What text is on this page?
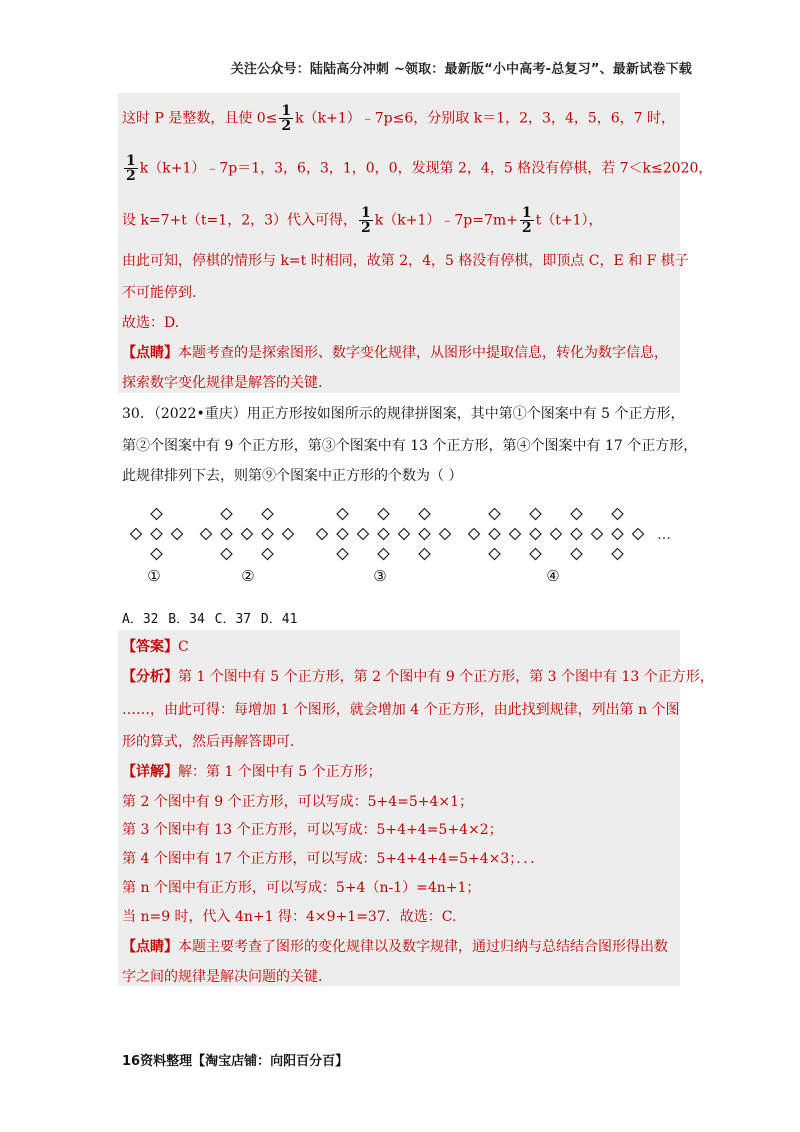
关注公众号：陆陆高分冲刺 ~领取：最新版“小中高考-总复习”、最新试卷下载
这时 P 是整数，且使 $0\le \frac{1}{2}$ k（k+1）﹣7p≤6，分别取 k＝1，2，3，4，5，6，7 时，
$\frac{1}{2}$ k（k+1）﹣7p＝1，3，6，3，1，0，0，发现第 2，4，5 格没有停棋，若 7＜k≤2020，
设 k=7+t（t=1，2，3）代入可得， $\frac{1}{2}$ k（k+1）﹣7p=7m+ $\frac{1}{2} t(t+1)$，
由此可知，停棋的情形与 k=t 时相同，故第 2，4，5 格没有停棋，即顶点 C，E 和 F 棋子
不可能停到.
故选：D.
【点睛】本题考查的是探索图形、数字变化规律，从图形中提取信息，转化为数字信息，
探索数字变化规律是解答的关键.
30．（2022•重庆）用正方形按如图所示的规律拼图案，其中第①个图案中有 5 个正方形，
第②个图案中有 9 个正方形，第③个图案中有 13 个正方形，第④个图案中有 17 个正方形，
此规律排列下去，则第⑨个图案中正方形的个数为（ ）
①	②	③	④
…
A．32 B．34 C．37 D．41
【答案】C
【分析】第 1 个图中有 5 个正方形，第 2 个图中有 9 个正方形，第 3 个图中有 13 个正方形，
……，由此可得：每增加 1 个图形，就会增加 4 个正方形，由此找到规律，列出第 n 个图
形的算式，然后再解答即可.
【详解】解：第 1 个图中有 5 个正方形；
第 2 个图中有 9 个正方形，可以写成：5+4=5+4×1；
第 3 个图中有 13 个正方形，可以写成：5+4+4=5+4×2；
第 4 个图中有 17 个正方形，可以写成：5+4+4+4=5+4×3；．．．
第 n 个图中有正方形，可以写成：5+4（n-1）=4n+1；
当 n=9 时，代入 4n+1 得：4×9+1=37．故选：C.
【点睛】本题主要考查了图形的变化规律以及数字规律，通过归纳与总结结合图形得出数
字之间的规律是解决问题的关键.
16资料整理【淘宝店铺：向阳百分百】
